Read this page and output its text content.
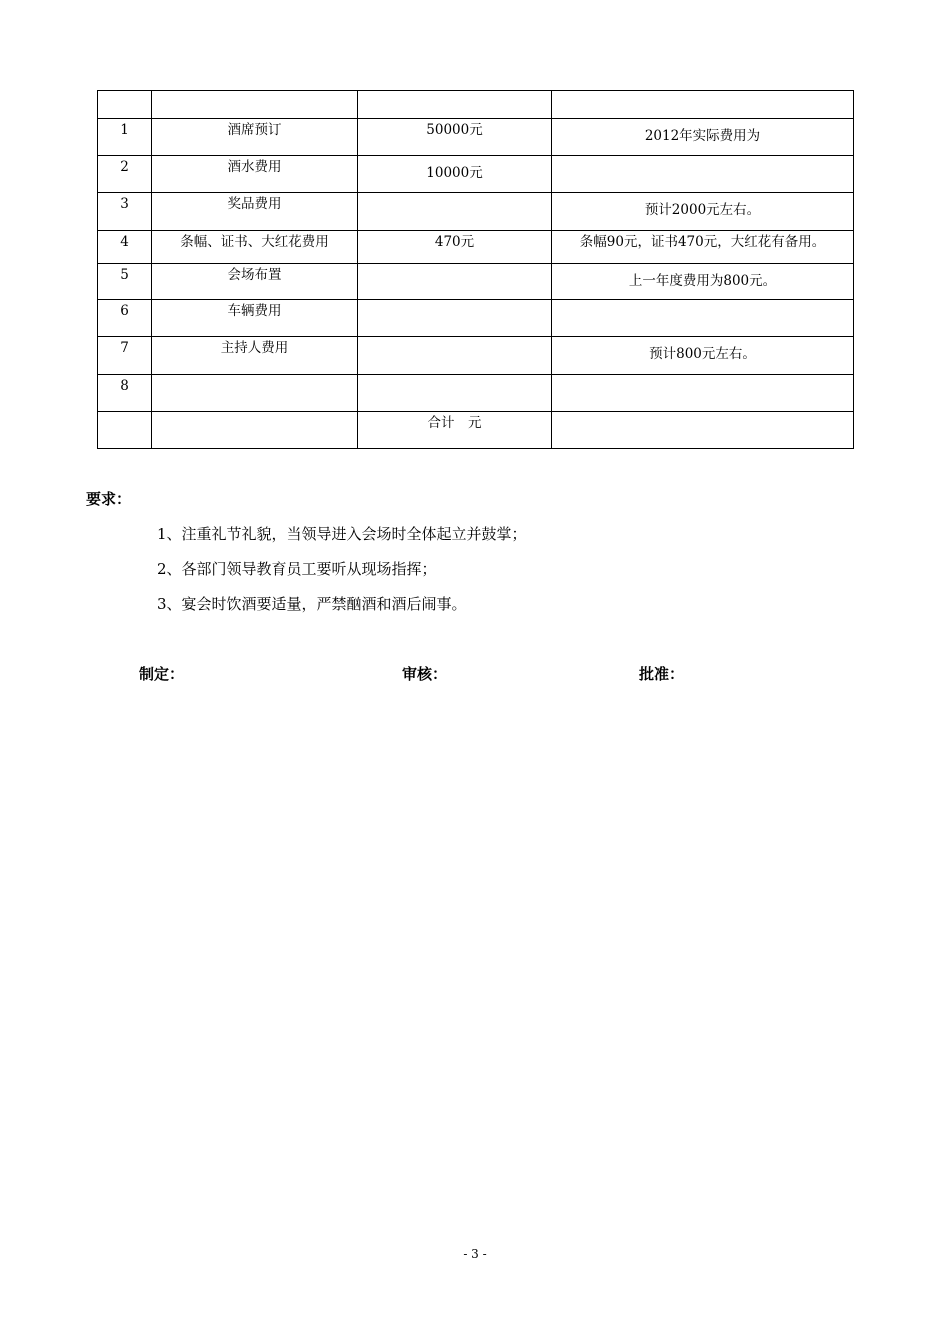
1	酒席预订	50000元	2012年实际费用为

2	酒水费用	10000元	

3	奖品费用		预计2000元左右。

4	条幅、证书、大红花费用	470元	条幅90元，证书470元，大红花有备用。

5	会场布置		上一年度费用为800元。

6	车辆费用		

7	主持人费用		预计800元左右。

8			

		合计　元	

要求：
1、注重礼节礼貌，当领导进入会场时全体起立并鼓掌；
2、各部门领导教育员工要听从现场指挥；
3、宴会时饮酒要适量，严禁酗酒和酒后闹事。
制定：	审核：	批准：
- 3 -
